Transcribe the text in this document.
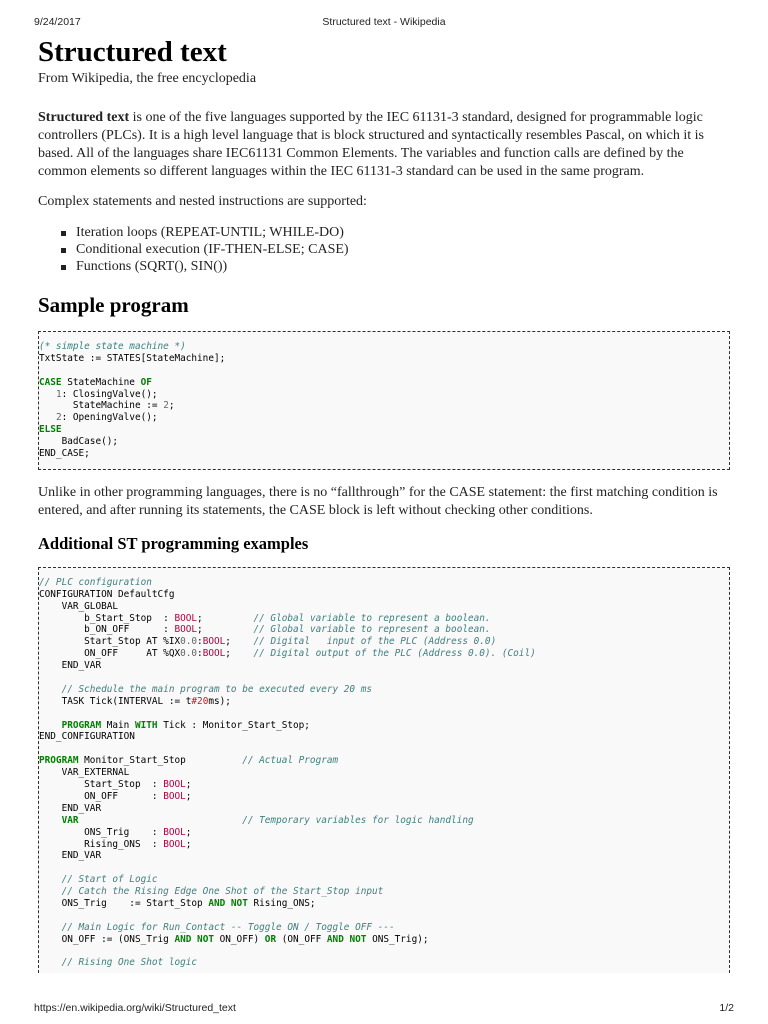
9/24/2017	Structured text - Wikipedia
Structured text
From Wikipedia, the free encyclopedia

Structured text is one of the five languages supported by the IEC 61131-3 standard, designed for programmable logic controllers (PLCs). It is a high level language that is block structured and syntactically resembles Pascal, on which it is based. All of the languages share IEC61131 Common Elements. The variables and function calls are defined by the common elements so different languages within the IEC 61131-3 standard can be used in the same program.

Complex statements and nested instructions are supported:

Iteration loops (REPEAT-UNTIL; WHILE-DO)
Conditional execution (IF-THEN-ELSE; CASE)
Functions (SQRT(), SIN())
Sample program
(* simple state machine *)
TxtState := STATES[StateMachine];
CASE StateMachine OF
1: ClosingValve();
StateMachine := 2;
2: OpeningValve();
ELSE
BadCase();
END_CASE;

Unlike in other programming languages, there is no “fallthrough” for the CASE statement: the first matching condition is entered, and after running its statements, the CASE block is left without checking other conditions.

Additional ST programming examples
// PLC configuration
CONFIGURATION DefaultCfg
VAR_GLOBAL
b_Start_Stop  : BOOL;         // Global variable to represent a boolean.
b_ON_OFF      : BOOL;         // Global variable to represent a boolean.
Start_Stop AT %IX0.0:BOOL;    // Digital   input of the PLC (Address 0.0)
ON_OFF     AT %QX0.0:BOOL;    // Digital output of the PLC (Address 0.0). (Coil)
END_VAR
// Schedule the main program to be executed every 20 ms
TASK Tick(INTERVAL := t#20ms);
PROGRAM Main WITH Tick : Monitor_Start_Stop;
END_CONFIGURATION
PROGRAM Monitor_Start_Stop          // Actual Program
VAR_EXTERNAL
Start_Stop  : BOOL;
ON_OFF      : BOOL;
END_VAR
VAR	// Temporary variables for logic handling
ONS_Trig    : BOOL;
Rising_ONS  : BOOL;
END_VAR
// Start of Logic
// Catch the Rising Edge One Shot of the Start_Stop input
ONS_Trig    := Start_Stop AND NOT Rising_ONS;
// Main Logic for Run_Contact -- Toggle ON / Toggle OFF ---
ON_OFF := (ONS_Trig AND NOT ON_OFF) OR (ON_OFF AND NOT ONS_Trig);
// Rising One Shot logic
https://en.wikipedia.org/wiki/Structured_text	1/2
